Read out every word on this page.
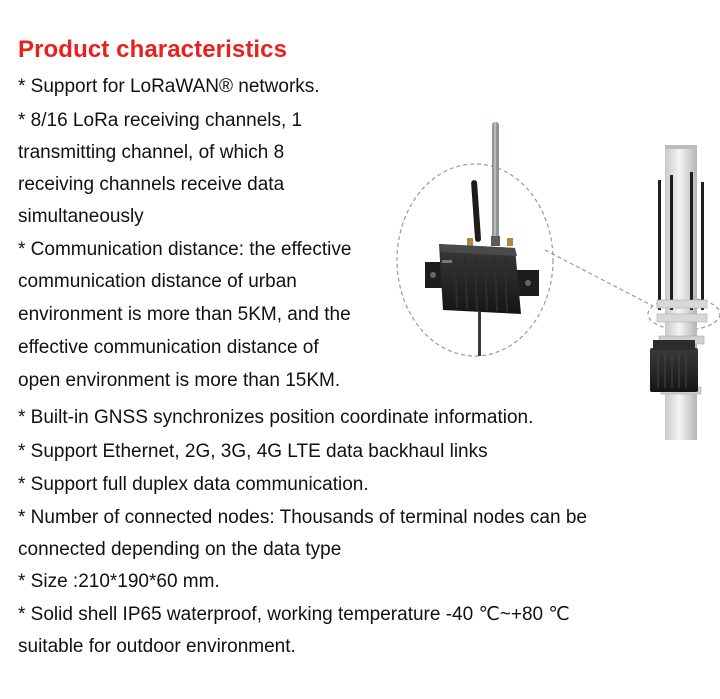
Product characteristics
* Support for LoRaWAN® networks.
* 8/16 LoRa receiving channels, 1
transmitting channel, of which 8
receiving channels receive data
simultaneously
* Communication distance: the effective
communication distance of urban
environment is more than 5KM, and the
effective communication distance of
open environment is more than 15KM.
* Built-in GNSS synchronizes position coordinate information.
* Support Ethernet, 2G, 3G, 4G LTE data backhaul links
* Support full duplex data communication.
* Number of connected nodes: Thousands of terminal nodes can be
connected depending on the data type
* Size :210*190*60 mm.
* Solid shell IP65 waterproof, working temperature -40 ℃~+80 ℃
suitable for outdoor environment.
